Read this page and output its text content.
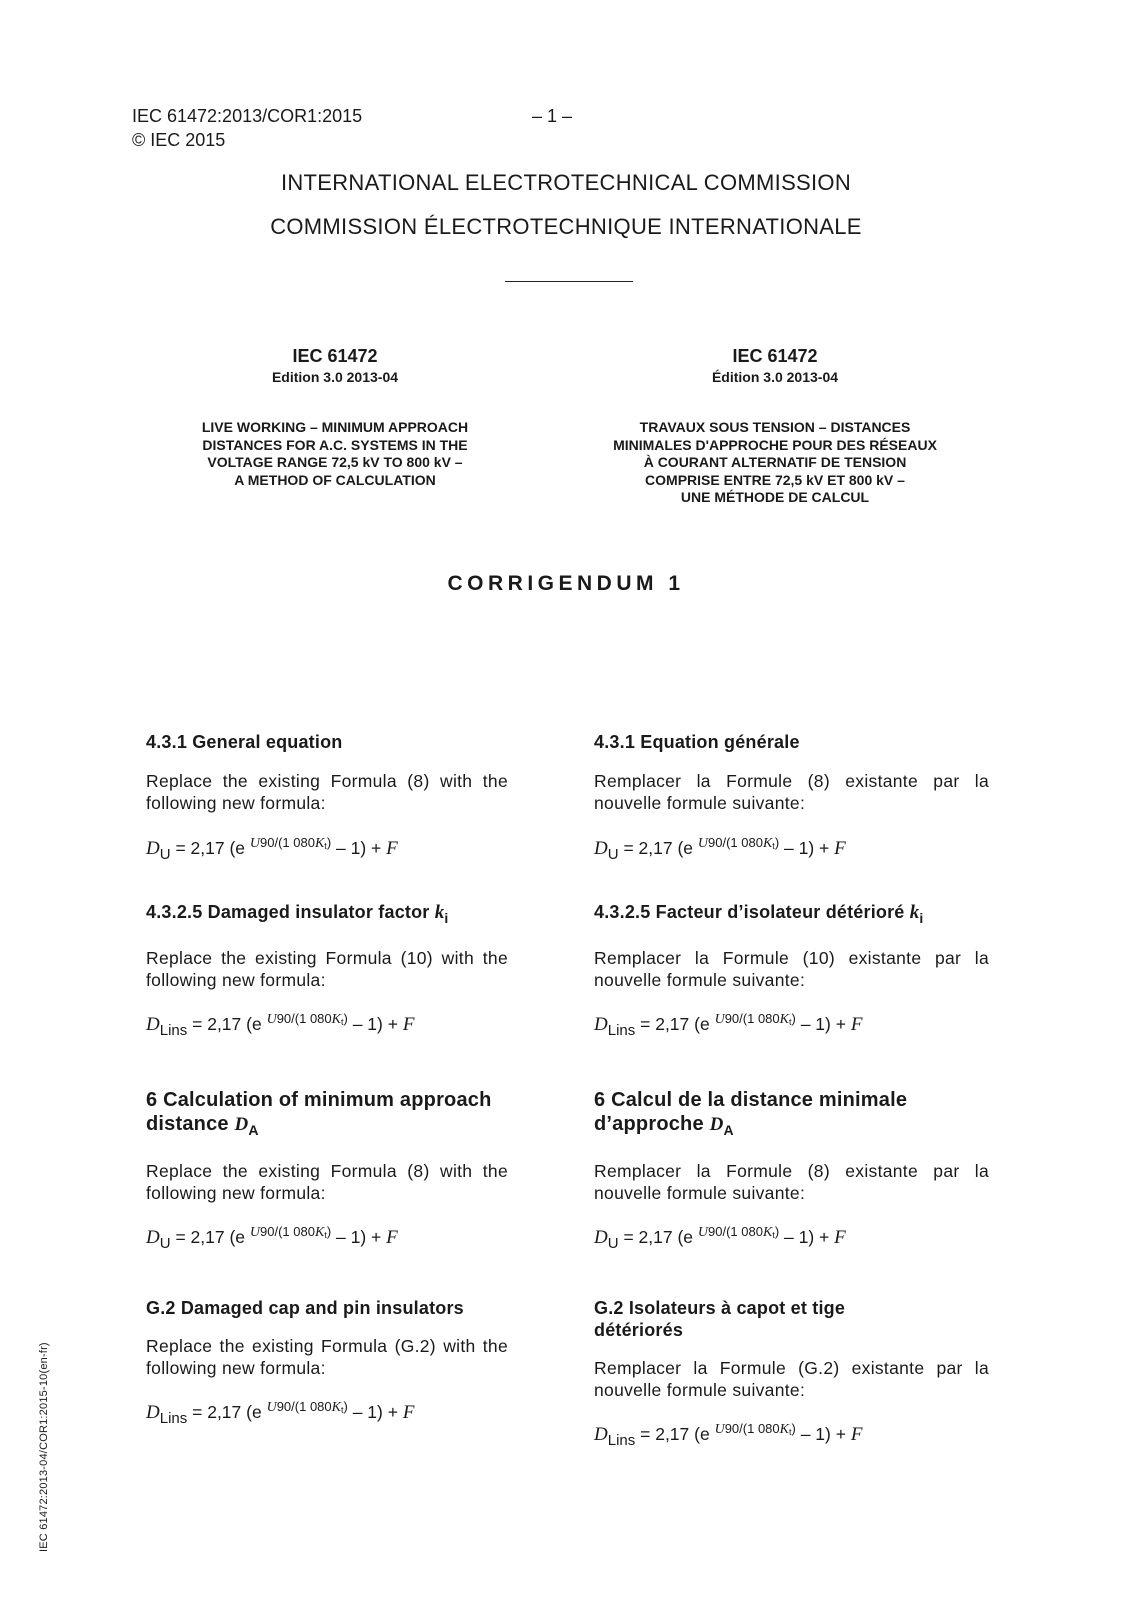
IEC 61472:2013/COR1:2015	– 1 –
© IEC 2015
INTERNATIONAL ELECTROTECHNICAL COMMISSION
COMMISSION ÉLECTROTECHNIQUE INTERNATIONALE
IEC 61472
Edition 3.0 2013-04
LIVE WORKING – MINIMUM APPROACH
DISTANCES FOR A.C. SYSTEMS IN THE
VOLTAGE RANGE 72,5 kV TO 800 kV –
A METHOD OF CALCULATION
IEC 61472
Édition 3.0 2013-04
TRAVAUX SOUS TENSION – DISTANCES
MINIMALES D'APPROCHE POUR DES RÉSEAUX
À COURANT ALTERNATIF DE TENSION
COMPRISE ENTRE 72,5 kV ET 800 kV –
UNE MÉTHODE DE CALCUL
CORRIGENDUM 1
4.3.1 General equation
Replace the existing Formula (8) with the following new formula:
DU = 2,17 (e $^{U90/(1 080Kt)}$ – 1) + F
4.3.2.5 Damaged insulator factor $k_i$
Replace the existing Formula (10) with the following new formula:
DLins = 2,17 (e $^{U90/(1 080Kt)}$ – 1) + F
6 Calculation of minimum approach distance $D_A$
Replace the existing Formula (8) with the following new formula:
DU = 2,17 (e $^{U90/(1 080Kt)}$ – 1) + F
G.2 Damaged cap and pin insulators
Replace the existing Formula (G.2) with the following new formula:
DLins = 2,17 (e $^{U90/(1 080Kt)}$ – 1) + F
4.3.1 Equation générale
Remplacer la Formule (8) existante par la nouvelle formule suivante:
DU = 2,17 (e $^{U90/(1 080Kt)}$ – 1) + F
4.3.2.5 Facteur d’isolateur détérioré $k_i$
Remplacer la Formule (10) existante par la nouvelle formule suivante:
DLins = 2,17 (e $^{U90/(1 080Kt)}$ – 1) + F
6 Calcul de la distance minimale d’approche $D_A$
Remplacer la Formule (8) existante par la nouvelle formule suivante:
DU = 2,17 (e $^{U90/(1 080Kt)}$ – 1) + F
G.2 Isolateurs à capot et tige détériorés
Remplacer la Formule (G.2) existante par la nouvelle formule suivante:
DLins = 2,17 (e $^{U90/(1 080Kt)}$ – 1) + F
IEC 61472:2013-04/COR1:2015-10(en-fr)
